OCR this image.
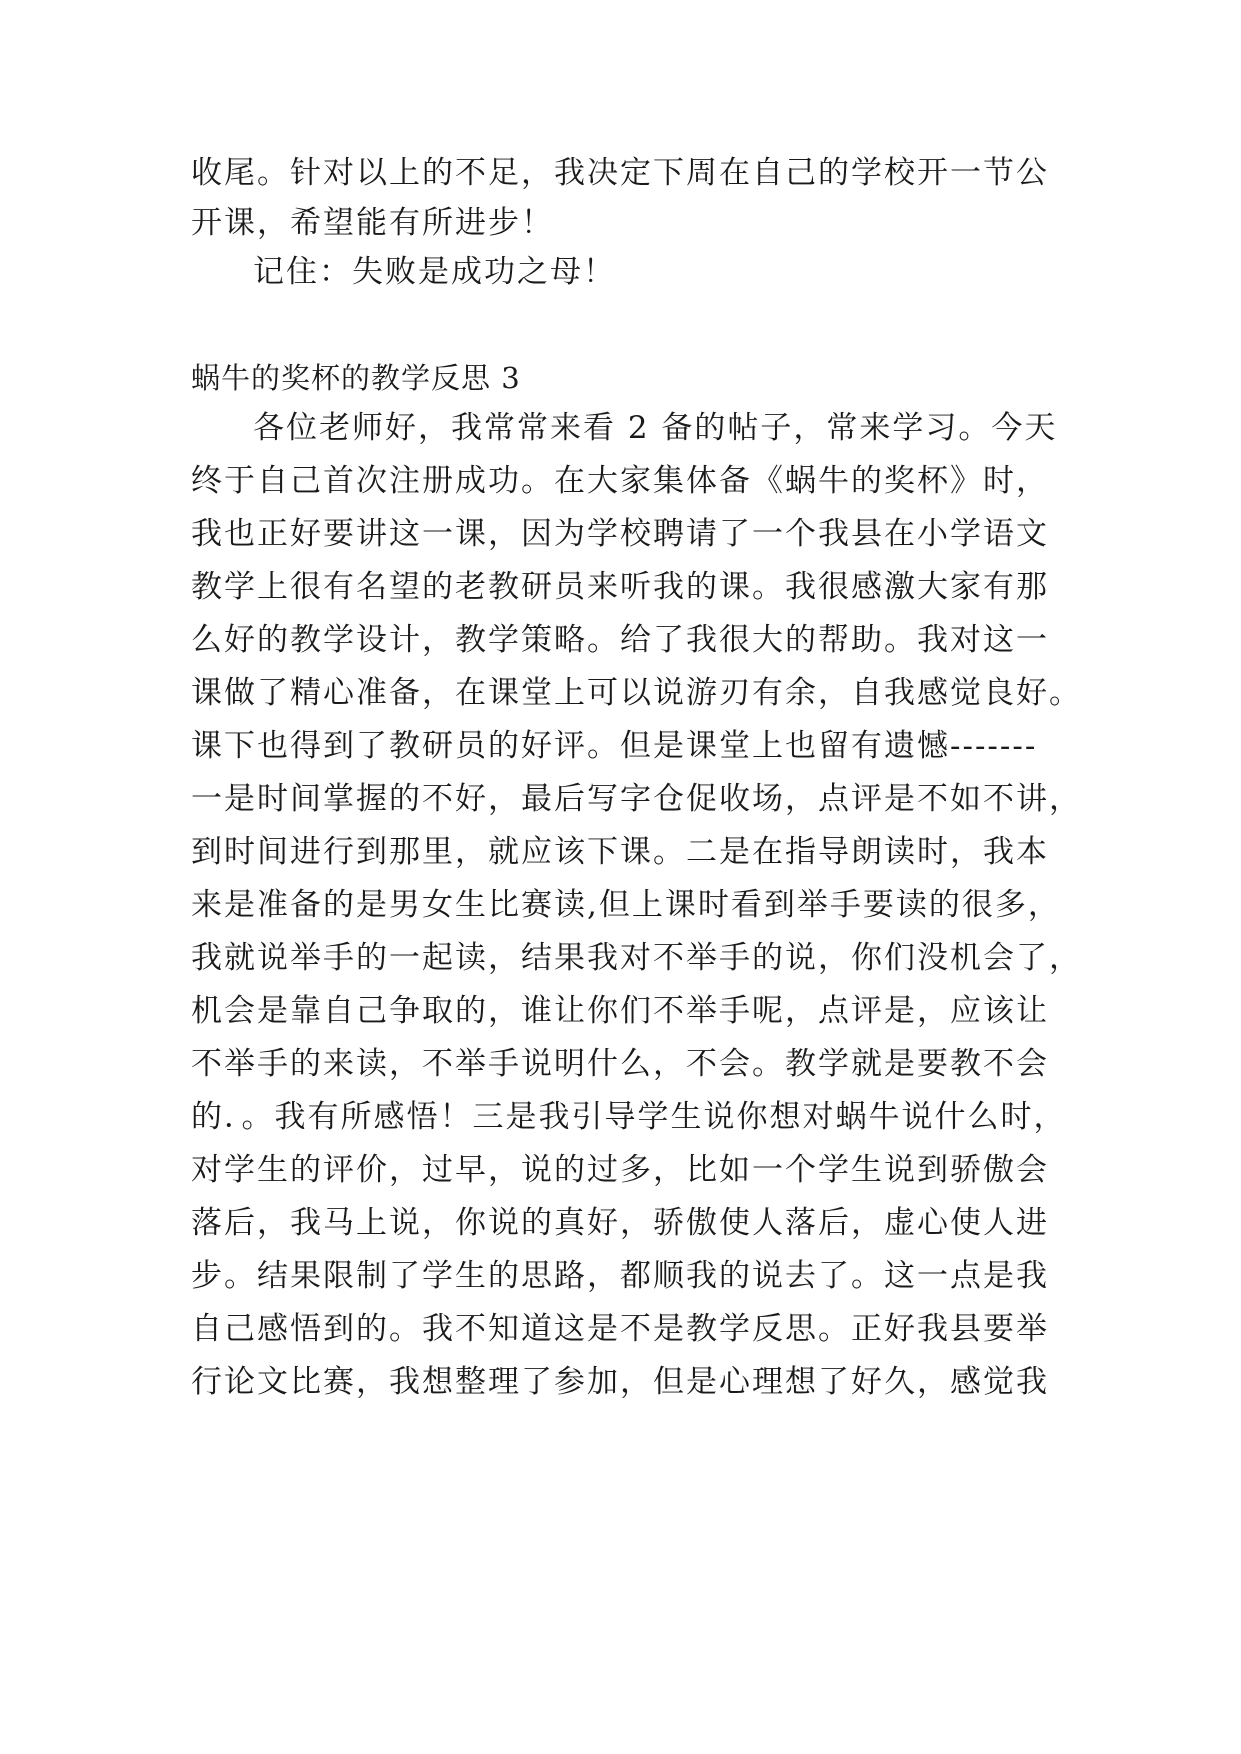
收尾。针对以上的不足，我决定下周在自己的学校开一节公
开课，希望能有所进步！
记住：失败是成功之母！
蜗牛的奖杯的教学反思 3
各位老师好，我常常来看 2 备的帖子，常来学习。今天
终于自己首次注册成功。在大家集体备《蜗牛的奖杯》时，
我也正好要讲这一课，因为学校聘请了一个我县在小学语文
教学上很有名望的老教研员来听我的课。我很感激大家有那
么好的教学设计，教学策略。给了我很大的帮助。我对这一
课做了精心准备，在课堂上可以说游刃有余，自我感觉良好。
课下也得到了教研员的好评。但是课堂上也留有遗憾-------
一是时间掌握的不好，最后写字仓促收场，点评是不如不讲，
到时间进行到那里，就应该下课。二是在指导朗读时，我本
来是准备的是男女生比赛读,但上课时看到举手要读的很多，
我就说举手的一起读，结果我对不举手的说，你们没机会了，
机会是靠自己争取的，谁让你们不举手呢，点评是，应该让
不举手的来读，不举手说明什么，不会。教学就是要教不会
的．。我有所感悟！三是我引导学生说你想对蜗牛说什么时，
对学生的评价，过早，说的过多，比如一个学生说到骄傲会
落后，我马上说，你说的真好，骄傲使人落后，虚心使人进
步。结果限制了学生的思路，都顺我的说去了。这一点是我
自己感悟到的。我不知道这是不是教学反思。正好我县要举
行论文比赛，我想整理了参加，但是心理想了好久，感觉我
